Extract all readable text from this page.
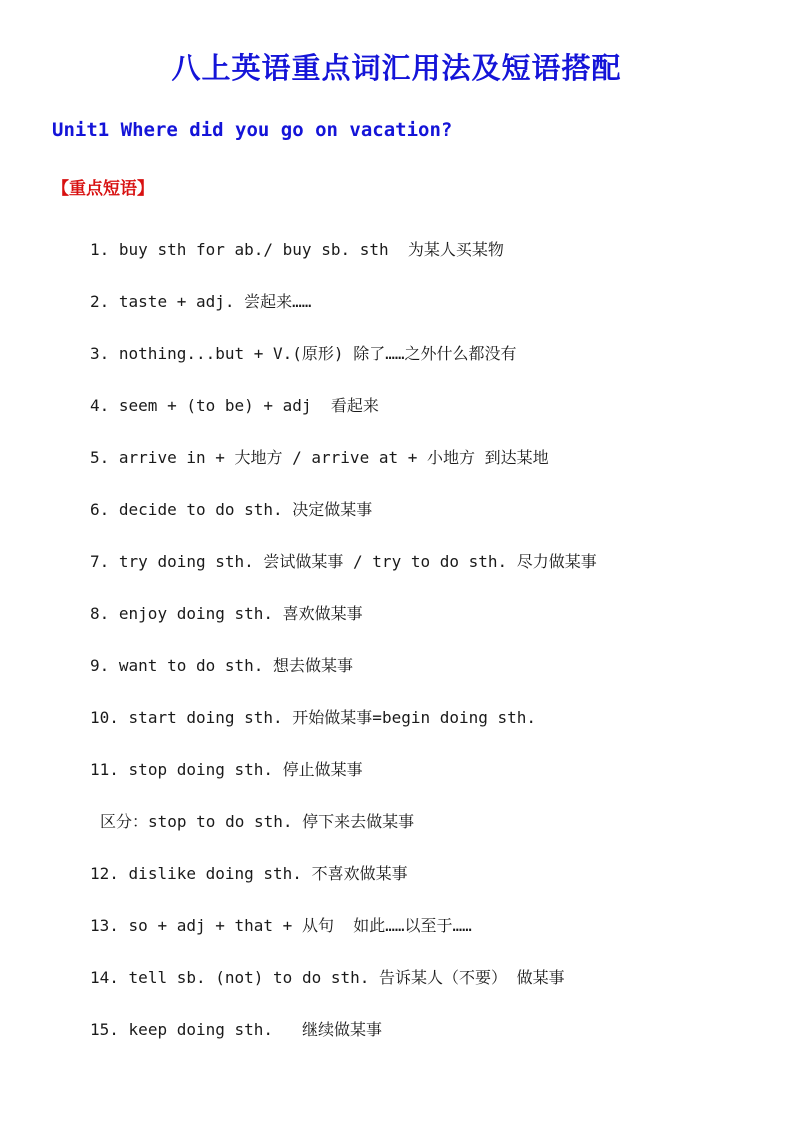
八上英语重点词汇用法及短语搭配
Unit1 Where did you go on vacation?
【重点短语】
1. buy sth for ab./ buy sb. sth  为某人买某物
2. taste + adj. 尝起来……
3. nothing...but + V.(原形) 除了……之外什么都没有
4. seem + (to be) + adj  看起来
5. arrive in + 大地方 / arrive at + 小地方 到达某地
6. decide to do sth. 决定做某事
7. try doing sth. 尝试做某事 / try to do sth. 尽力做某事
8. enjoy doing sth. 喜欢做某事
9. want to do sth. 想去做某事
10. start doing sth. 开始做某事=begin doing sth.
11. stop doing sth. 停止做某事
区分：stop to do sth. 停下来去做某事
12. dislike doing sth. 不喜欢做某事
13. so + adj + that + 从句  如此……以至于……
14. tell sb. (not) to do sth. 告诉某人（不要） 做某事
15. keep doing sth.   继续做某事
